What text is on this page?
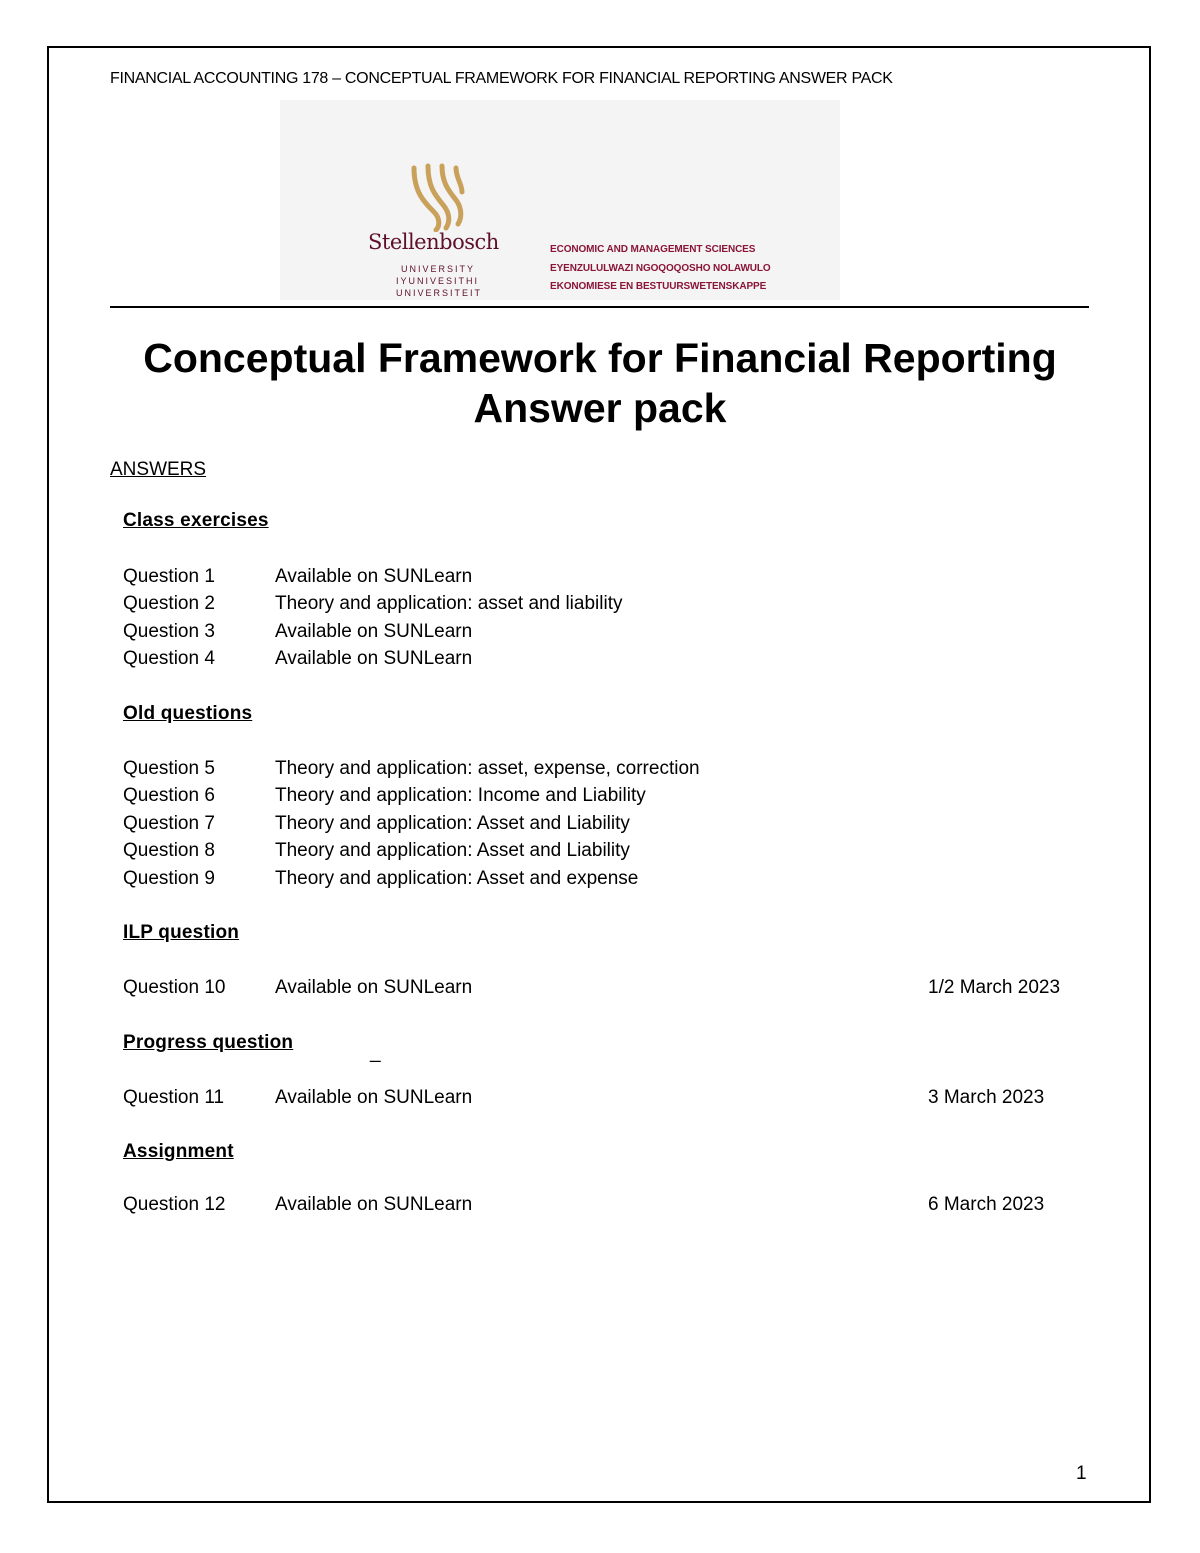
FINANCIAL ACCOUNTING 178 – CONCEPTUAL FRAMEWORK FOR FINANCIAL REPORTING ANSWER PACK
Stellenbosch
UNIVERSITY
IYUNIVESITHI
UNIVERSITEIT
ECONOMIC AND MANAGEMENT SCIENCES
EYENZULULWAZI NGOQOQOSHO NOLAWULO
EKONOMIESE EN BESTUURSWETENSKAPPE
Conceptual Framework for Financial Reporting
Answer pack
ANSWERS
Class exercises
Question 1	Available on SUNLearn
Question 2	Theory and application: asset and liability
Question 3	Available on SUNLearn
Question 4	Available on SUNLearn
Old questions
Question 5	Theory and application: asset, expense, correction
Question 6	Theory and application: Income and Liability
Question 7	Theory and application: Asset and Liability
Question 8	Theory and application: Asset and Liability
Question 9	Theory and application: Asset and expense
ILP question
Question 10	Available on SUNLearn	1/2 March 2023
Progress question	_
Question 11	Available on SUNLearn	3 March 2023
Assignment
Question 12	Available on SUNLearn	6 March 2023
1
